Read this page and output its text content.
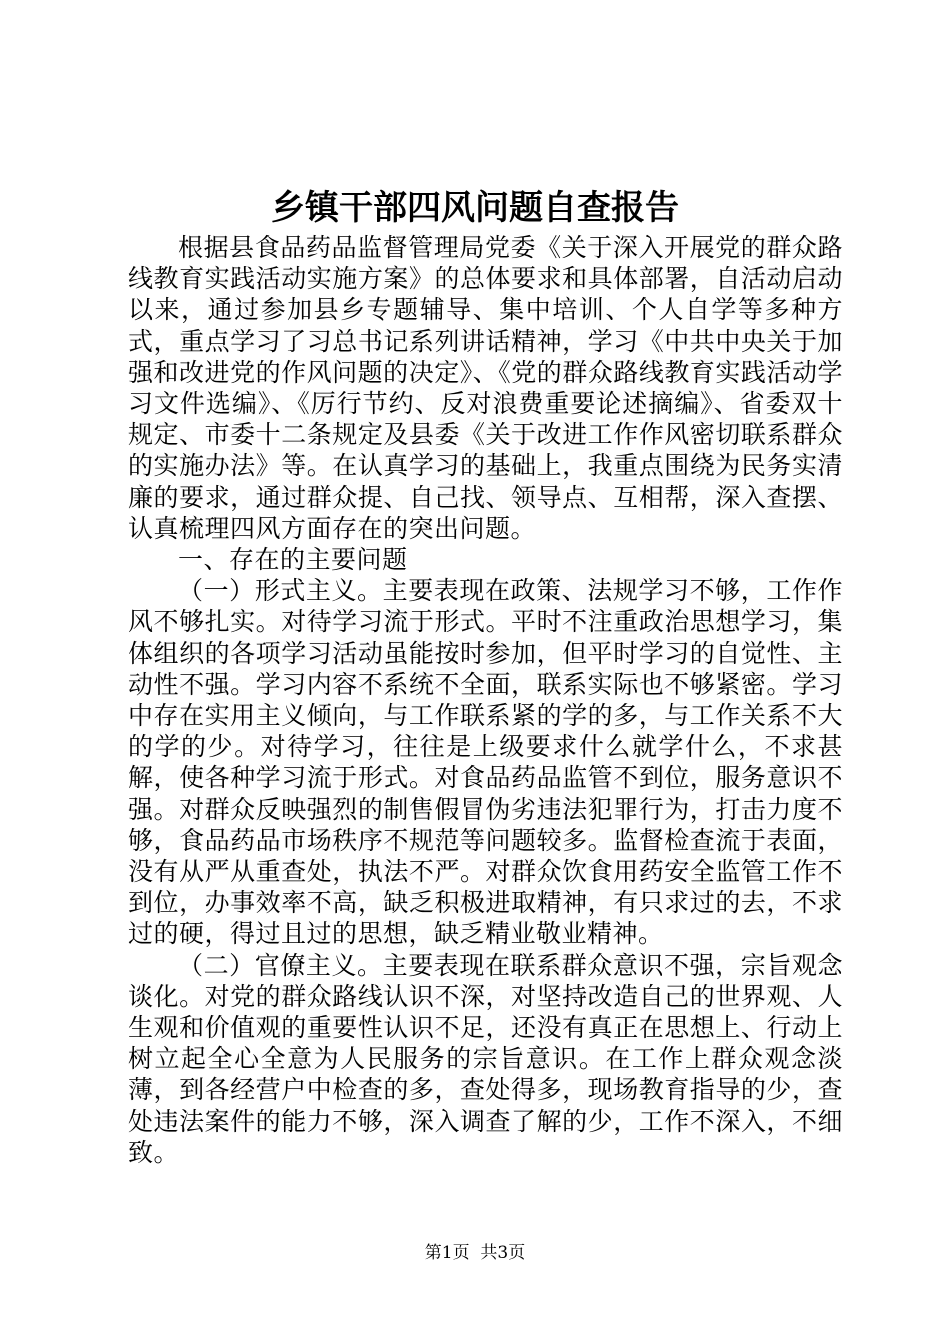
乡镇干部四风问题自查报告

根据县食品药品监督管理局党委《关于深入开展党的群众路线教育实践活动实施方案》的总体要求和具体部署，自活动启动以来，通过参加县乡专题辅导、集中培训、个人自学等多种方式，重点学习了习总书记系列讲话精神，学习《中共中央关于加强和改进党的作风问题的决定》、《党的群众路线教育实践活动学习文件选编》、《厉行节约、反对浪费重要论述摘编》、省委双十规定、市委十二条规定及县委《关于改进工作作风密切联系群众的实施办法》等。在认真学习的基础上，我重点围绕为民务实清廉的要求，通过群众提、自己找、领导点、互相帮，深入查摆、认真梳理四风方面存在的突出问题。

一、存在的主要问题

（一）形式主义。主要表现在政策、法规学习不够，工作作风不够扎实。对待学习流于形式。平时不注重政治思想学习，集体组织的各项学习活动虽能按时参加，但平时学习的自觉性、主动性不强。学习内容不系统不全面，联系实际也不够紧密。学习中存在实用主义倾向，与工作联系紧的学的多，与工作关系不大的学的少。对待学习，往往是上级要求什么就学什么，不求甚解，使各种学习流于形式。对食品药品监管不到位，服务意识不强。对群众反映强烈的制售假冒伪劣违法犯罪行为，打击力度不够，食品药品市场秩序不规范等问题较多。监督检查流于表面，没有从严从重查处，执法不严。对群众饮食用药安全监管工作不到位，办事效率不高，缺乏积极进取精神，有只求过的去，不求过的硬，得过且过的思想，缺乏精业敬业精神。

（二）官僚主义。主要表现在联系群众意识不强，宗旨观念谈化。对党的群众路线认识不深，对坚持改造自己的世界观、人生观和价值观的重要性认识不足，还没有真正在思想上、行动上树立起全心全意为人民服务的宗旨意识。在工作上群众观念淡薄，到各经营户中检查的多，查处得多，现场教育指导的少，查处违法案件的能力不够，深入调查了解的少，工作不深入，不细致。

第1页  共3页
